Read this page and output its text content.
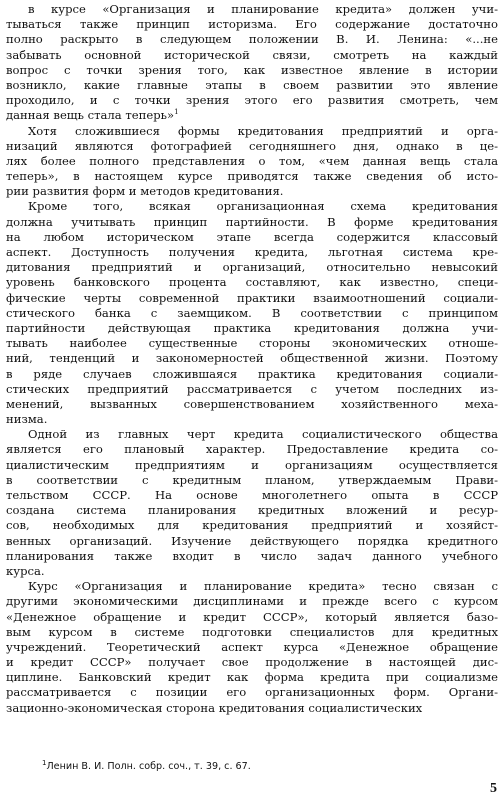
в курсе «Организация и планирование кредита» должен учи-
тываться также принцип историзма. Его содержание достаточно
полно раскрыто в следующем положении В. И. Ленина: «...не
забывать основной исторической связи, смотреть на каждый
вопрос с точки зрения того, как известное явление в истории
возникло, какие главные этапы в своем развитии это явление
проходило, и с точки зрения этого его развития смотреть, чем
данная вещь стала теперь»$^1$
Хотя сложившиеся формы кредитования предприятий и орга-
низаций являются фотографией сегодняшнего дня, однако в це-
лях более полного представления о том, «чем данная вещь стала
теперь», в настоящем курсе приводятся также сведения об исто-
рии развития форм и методов кредитования.
Кроме того, всякая организационная схема кредитования
должна учитывать принцип партийности. В форме кредитования
на любом историческом этапе всегда содержится классовый
аспект. Доступность получения кредита, льготная система кре-
дитования предприятий и организаций, относительно невысокий
уровень банковского процента составляют, как известно, специ-
фические черты современной практики взаимоотношений социали-
стического банка с заемщиком. В соответствии с принципом
партийности действующая практика кредитования должна учи-
тывать наиболее существенные стороны экономических отноше-
ний, тенденций и закономерностей общественной жизни. Поэтому
в ряде случаев сложившаяся практика кредитования социали-
стических предприятий рассматривается с учетом последних из-
менений, вызванных совершенствованием хозяйственного меха-
низма.
Одной из главных черт кредита социалистического общества
является его плановый характер. Предоставление кредита со-
циалистическим предприятиям и организациям осуществляется
в соответствии с кредитным планом, утверждаемым Прави-
тельством СССР. На основе многолетнего опыта в СССР
создана система планирования кредитных вложений и ресур-
сов, необходимых для кредитования предприятий и хозяйст-
венных организаций. Изучение действующего порядка кредитного
планирования также входит в число задач данного учебного
курса.
Курс «Организация и планирование кредита» тесно связан с
другими экономическими дисциплинами и прежде всего с курсом
«Денежное обращение и кредит СССР», который является базо-
вым курсом в системе подготовки специалистов для кредитных
учреждений. Теоретический аспект курса «Денежное обращение
и кредит СССР» получает свое продолжение в настоящей дис-
циплине. Банковский кредит как форма кредита при социализме
рассматривается с позиции его организационных форм. Органи-
зационно-экономическая сторона кредитования социалистических
$^1$Ленин В. И. Полн. собр. соч., т. 39, с. 67.
5
